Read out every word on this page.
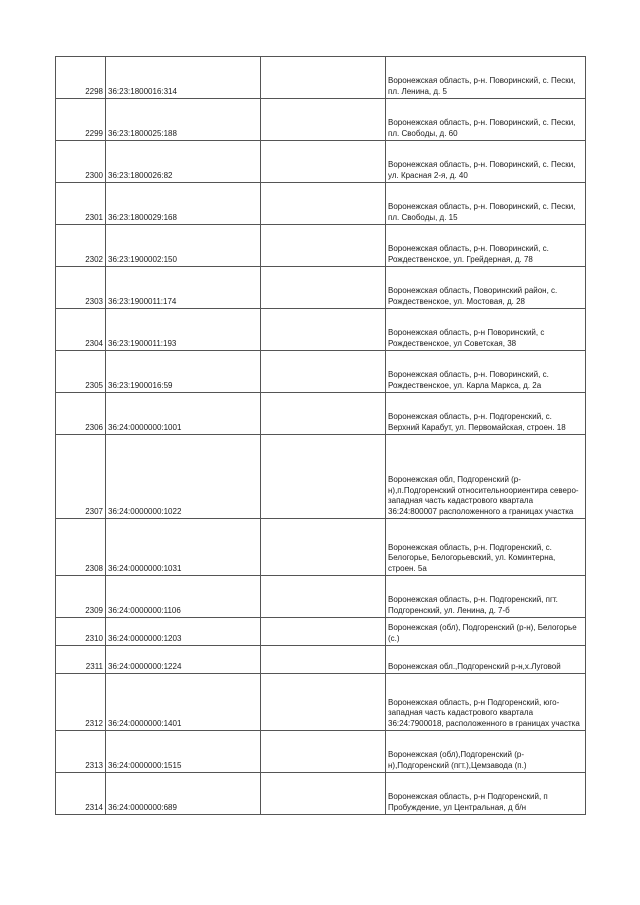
2298	36:23:1800016:314		Воронежская область, р-н. Поворинский, с. Пески, пл. Ленина, д. 5
2299	36:23:1800025:188		Воронежская область, р-н. Поворинский, с. Пески, пл. Свободы, д. 60
2300	36:23:1800026:82		Воронежская область, р-н. Поворинский, с. Пески, ул. Красная 2-я, д. 40
2301	36:23:1800029:168		Воронежская область, р-н. Поворинский, с. Пески, пл. Свободы, д. 15
2302	36:23:1900002:150		Воронежская область, р-н. Поворинский, с. Рождественское, ул. Грейдерная, д. 78
2303	36:23:1900011:174		Воронежская область, Поворинский район, с. Рождественское, ул. Мостовая, д. 28
2304	36:23:1900011:193		Воронежская область, р-н Поворинский, с Рождественское, ул Советская, 38
2305	36:23:1900016:59		Воронежская область, р-н. Поворинский, с. Рождественское, ул. Карла Маркса, д. 2а
2306	36:24:0000000:1001		Воронежская область, р-н. Подгоренский, с. Верхний Карабут, ул. Первомайская, строен. 18
2307	36:24:0000000:1022		Воронежская обл, Подгоренский (р-н),п.Подгоренский относительноориентира северо-западная часть кадастрового квартала 36:24:800007 расположенного а границах участка
2308	36:24:0000000:1031		Воронежская область, р-н. Подгоренский, с. Белогорье, Белогорьевский, ул. Коминтерна, строен. 5а
2309	36:24:0000000:1106		Воронежская область, р-н. Подгоренский, пгт. Подгоренский, ул. Ленина, д. 7-б
2310	36:24:0000000:1203		Воронежская (обл), Подгоренский (р-н), Белогорье (с.)
2311	36:24:0000000:1224		Воронежская обл.,Подгоренский р-н,х.Луговой
2312	36:24:0000000:1401		Воронежская область, р-н Подгоренский, юго-западная часть кадастрового квартала 36:24:7900018, расположенного в границах участка
2313	36:24:0000000:1515		Воронежская (обл),Подгоренский (р-н),Подгоренский (пгт.),Цемзавода (п.)
2314	36:24:0000000:689		Воронежская область, р-н Подгоренский, п Пробуждение, ул Центральная, д б/н
